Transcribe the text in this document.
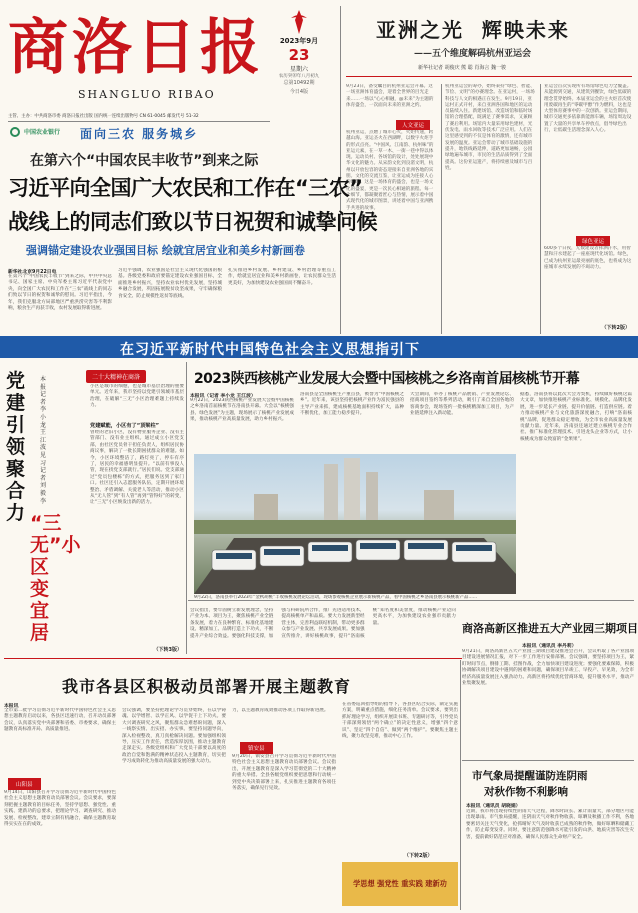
商洛日报
SHANGLUO RIBAO
2023年9月
23
星期六
农历癸卯年八月初九
总第10492期
今日4版
主管、主办：中共商洛市委 商洛日报社出版 国内统一连续出版物号 CN 61-0045 邮发代号 51-32
中国农业银行 面向三农 服务城乡
亚洲之光  辉映未来
——五个维度解码杭州亚运会
新华社记者 胡俊庆 熊 聪 肖海言 魏一骏
9月23日，备受瞩目的杭州亚运会开幕。这一场亚洲体育盛会，迎着全世界的目光走来……一场以“心心相融，@未来”为主题的体育盛会，一次面向未来的亚洲之约。
人文亚运
杭州亚运，点燃了城市心火，火炬传递，跨越山海。亚运圣火在西湖畔，以数字火炬手的形式点亮。“中国风、江南韵、杭州味”的亚运元素，在一草一木、一街一巷中得以体现。运动员村、各场馆的设计，处处展现中华文化的魅力。从宋韵文化到良渚文明，杭州以开放包容的姿态迎接来自亚洲各地的宾朋。文化的交流互鉴，让亚运成为连接人心的纽带。这是一场体育的盛会，也是一场文化的盛宴，更是一次民心相通的旅程。每一个细节，都凝聚着匠心与热情，展示着中国式现代化的城市图景，讲述着中国与亚洲携手共进的故事。
杭州亚运会的筹办，始终秉持“绿色、智能、节俭、文明”的办赛理念。在亚运村，一场场科技与人文的相遇正在发生。9月19日，亚运村正式开村，来自亚洲各国和地区的运动员陆续入住。新建场馆、改造场馆和临时场馆的合理搭配，既满足了赛事需求，又兼顾了赛后利用。场馆内大量采用绿色建材，光伏发电、雨水回收等技术广泛应用。人们在这里感受到的不仅是体育的激情，还有城市发展的温度。亚运会带动了城市基础设施的提升，地铁线路延伸，道路更加通畅，公园绿地遍布城市，市民的生活品质得到了全面提高。这份亚运遗产，将持续惠及城市与百姓。
亚运会首次实现所有场馆绿色电力全覆盖。从能源到交通，从建筑到餐饮，绿色低碳的理念贯穿始终。本届亚运会的主火炬首次使用废碳再生的“零碳甲醇”作为燃料，这也是大型体育赛事中的一次创新。亚运会期间，城市交通更多依靠新能源车辆，场馆周边设置了大量的共享单车停放点，倡导绿色出行，让低碳生活理念深入人心。
绿色亚运
600多个日夜，无数建设者挥洒汗水，用智慧和汗水建起了一座座现代化场馆。绿色，已成为杭州亚运最亮丽的底色，也将成为这座城市永续发展的不竭动力。
（下转2版）
在第六个“中国农民丰收节”到来之际
习近平向全国广大农民和工作在“三农”
战线上的同志们致以节日祝贺和诚挚问候
强调锚定建设农业强国目标 绘就宜居宜业和美乡村新画卷
新华社北京9月22日电
在第六个“中国农民丰收节”到来之际，中共中央总书记、国家主席、中央军委主席习近平代表党中央，向全国广大农民和工作在“三农”战线上的同志们致以节日的祝贺和诚挚的慰问。习近平指出，今年，我们克服北方局部地区严重洪涝灾害等不利影响，粮食生产再获丰收，农村发展取得新进展。
习近平强调，农业强国是社会主义现代化强国的根基。各级党委和政府要锚定建设农业强国目标，全面推进乡村振兴，坚持农业农村优先发展，坚持城乡融合发展，巩固拓展脱贫攻坚成果，守牢确保粮食安全、防止规模性返贫等底线。
扎实推进乡村发展、乡村建设、乡村治理等重点工作，绘就宜居宜业和美乡村新画卷，让农民群众生活更美好，为加快建设农业强国而不懈奋斗。
在习近平新时代中国特色社会主义思想指引下
党建引领聚合力 “三无”小区变宜居
本报记者 李小龙 王江波 见习记者 刘毅李
二十大精神在商洛
小区是城市的细胞，也是城市基层治理的重要单元。近年来，我市坚持以党建引领城市基层治理，在破解“三无”小区治理难题上持续发力。
党建赋能，小区有了“顶梁柱”
曾经的老旧小区，没有物业服务企业、没有主管部门、没有业主组织。通过成立小区党支部，由社区党员骨干担任负责人，组织居民协商议事，解决了一批长期困扰群众的难题。如今，小区环境整洁了，路灯亮了，停车有序了，居民的幸福感明显提升。“以前有事没人管，现在找党支部就行。”居民们说。党支部通过“党员包楼栋”的方式，把服务送到了家门口。社区还引入志愿服务队伍，定期开展环境整治、矛盾调解、关爱老人等活动，推动小区从“无人管”到“有人管”再到“管得好”的转变，让“三无”小区焕发出新的活力。
（下转3版）
2023陕西核桃产业发展大会暨中国核桃之乡洛南首届核桃节开幕
本报讯（记者 李小龙 王江波）
9月22日，2023陕西核桃产业发展大会暨中国核桃之乡洛南首届核桃节在洛南县开幕。大会以“核桃强县、绿色发展”为主题，现场展示了核桃产业发展成果，推动核桃产业高质量发展，助力乡村振兴。
洛南县是全国核桃生产重点县，被誉为“中国核桃之乡”。近年来，该县坚持把核桃产业作为富民强县的主导产业来抓，建成核桃基地面积持续扩大，品种不断优化，加工能力稳步提升。
大会期间，举办了核桃产品展销、产业发展论坛、招商项目签约等系列活动，吸引了来自全国各地的客商参会，现场签约一批核桃精深加工项目，为产业链延伸注入新动能。
据悉，洛南县将以此次大会为契机，持续做好核桃这篇大文章，加快推进核桃产业标准化、规模化、品牌化发展，进一步延长产业链、提升价值链、打造供应链。着力推动核桃产业与文化旅游深度融合，打响“洛南核桃”品牌，促进群众稳定增收，为全市农业高质量发展贡献力量。近年来，洛南县还通过建立核桃专业合作社、推广标准化管理技术、引进龙头企业等方式，让小核桃成为群众致富的“金果果”。
9月22日，洛南县举行2023年“金秋胡桃”丰收核桃发展论坛活动，现场参观核桃企业展示新核桃产品，看中国核桃之乡洛南县展示核桃新产品……
商洛高新区推进五大产业园三期项目
本报讯（通讯员 李丹莉）
9月21日，商洛高新区五大产业园三期项目建设推进会召开，会议听取了各产业园项目建设进展情况汇报，对下一步工作进行安排部署。会议强调，要坚持项目为王，紧盯时间节点，倒排工期、挂图作战，全力加快项目建设进度；要强化要素保障，积极协调解决项目建设中遇到的困难和问题，确保项目早竣工、早投产、早见效，为全市经济高质量发展注入强劲动力。高新区将持续优化营商环境，提升服务水平，推动产业集聚发展。
会议指出，要牢固树立新发展理念，坚持产业为本、项目为王，聚焦核桃产业全链条发展，着力在良种繁育、标准化基地建设、精深加工、品牌打造上下功夫，不断提升产业综合效益。要强化科技支撑，加强与科研院所合作，推广先进适用技术，提高核桃单产和品质。要大力发展新型经营主体，完善利益联结机制，带动更多群众参与产业发展、共享发展成果。要加强宣传推介，讲好核桃故事，提升“洛南核桃”知名度和美誉度，推动核桃产业迈向更高水平，为加快建设农业强市贡献力量。
我市各县区积极动员部署开展主题教育
本报讯
全市第二批学习贯彻习近平新时代中国特色社会主义思想主题教育启动以来，各县区迅速行动，召开动员部署会议，认真落实党中央部署和省委、市委要求，确保主题教育高标准开局、高质量推进。
山阳县
9月14日，山阳县召开学习贯彻习近平新时代中国特色社会主义思想主题教育动员部署会议。会议要求，要深刻把握主题教育的目标任务，坚持学思想、强党性、重实践、建新功的总要求，把理论学习、调查研究、推动发展、检视整改、建章立制有机融合，确保主题教育取得实实在在的成效。
会议强调，要坚持把理论学习贯穿始终，在以学铸魂、以学增智、以学正风、以学促干上下功夫。要大兴调查研究之风，聚焦群众急难愁盼问题，深入一线察实情、出实招、办实事。要坚持问题导向，深入检视整改，真刀真枪解决问题。要加强组织领导，压实工作责任，营造浓厚氛围，推动主题教育走深走实。各级党组织和广大党员干部要以高度的政治自觉和饱满的精神状态投入主题教育，切实把学习成效转化为推动高质量发展的强大动力。
力，以主题教育成效推动各项工作取得新进展。
镇安县
9月20日，镇安县召开学习贯彻习近平新时代中国特色社会主义思想主题教育动员部署会议。会议指出，开展主题教育是深入学习贯彻党的二十大精神的重大举措。全县各级党组织要把思想和行动统一到党中央决策部署上来，扎实推进主题教育各项任务落实，确保见行见效。
在省委巡回指导组的指导下，各县区结合实际，制定实施方案，明确重点措施，细化任务清单。会议要求，要突出抓好理论学习，组织开展读书班、专题研讨等，引导党员干部深刻领悟“两个确立”的决定性意义，增强“四个意识”、坚定“四个自信”、做到“两个维护”。要聚焦主题主线，聚力攻坚克难，推动中心工作。
（下转2版）
学思想 强党性 重实践 建新功
市气象局提醒谨防连阴雨
对秋作物不利影响
本报讯（通讯员 胡晓娟）
近期，我市将出现持续性阴雨天气过程，降水时段长、累计雨量大，部分地区可能出现暴雨。市气象局提醒，连阴雨天气对秋作物收获、晾晒及秋播工作不利，各地要密切关注天气变化，抢抓晴好天气及时收获已成熟的秋作物，做好晾晒和储藏工作，防止霉变发芽。同时，要注意防范强降水可能引发的山洪、地质灾害等次生灾害，提前做好防范应对准备，确保人民群众生命财产安全。
